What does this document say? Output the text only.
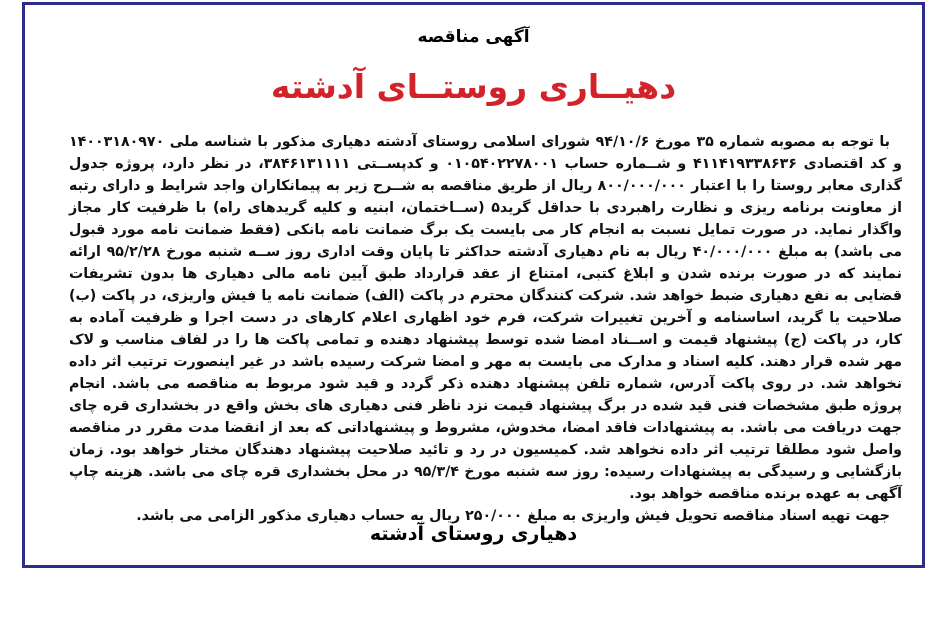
آگهی مناقصه
دهیــاری روستــای آدشته

با توجه به مصوبه شماره ۳۵ مورخ ۹۴/۱۰/۶ شورای اسلامی روستای آدشته دهیاری مذکور با شناسه ملی ۱۴۰۰۳۱۸۰۹۷۰ و کد اقتصادی ۴۱۱۴۱۹۳۳۸۶۳۶ و شــماره حساب ۰۱۰۵۴۰۲۲۷۸۰۰۱ و کدپســتی ۳۸۴۶۱۳۱۱۱۱، در نظر دارد، پروژه جدول گذاری معابر روستا را با اعتبار ۸۰۰/۰۰۰/۰۰۰ ریال از طریق مناقصه به شــرح زیر به پیمانکاران واجد شرایط و دارای رتبه از معاونت برنامه ریزی و نظارت راهبردی با حداقل گرید۵ (ســاختمان، ابنیه و کلیه گریدهای راه) با ظرفیت کار مجاز واگذار نماید. در صورت تمایل نسبت به انجام کار می بایست یک برگ ضمانت نامه بانکی (فقط ضمانت نامه مورد قبول می باشد) به مبلغ ۴۰/۰۰۰/۰۰۰ ریال به نام دهیاری آدشته حداکثر تا پایان وقت اداری روز ســه شنبه مورخ ۹۵/۲/۲۸ ارائه نمایند که در صورت برنده شدن و ابلاغ کتبی، امتناع از عقد قرارداد طبق آیین نامه مالی دهیاری ها بدون تشریفات قضایی به نفع دهیاری ضبط خواهد شد. شرکت کنندگان محترم در پاکت (الف) ضمانت نامه یا فیش واریزی، در پاکت (ب) صلاحیت یا گرید، اساسنامه و آخرین تغییرات شرکت، فرم خود اظهاری اعلام کارهای در دست اجرا و ظرفیت آماده به کار، در پاکت (ج) پیشنهاد قیمت و اســناد امضا شده توسط پیشنهاد دهنده و تمامی پاکت ها را در لفاف مناسب و لاک مهر شده قرار دهند. کلیه اسناد و مدارک می بایست به مهر و امضا شرکت رسیده باشد در غیر اینصورت ترتیب اثر داده نخواهد شد. در روی پاکت آدرس، شماره تلفن پیشنهاد دهنده ذکر گردد و قید شود مربوط به مناقصه می باشد. انجام پروژه طبق مشخصات فنی قید شده در برگ پیشنهاد قیمت نزد ناظر فنی دهیاری های بخش واقع در بخشداری قره چای جهت دریافت می باشد. به پیشنهادات فاقد امضا، مخدوش، مشروط و پیشنهاداتی که بعد از انقضا مدت مقرر در مناقصه واصل شود مطلقا ترتیب اثر داده نخواهد شد. کمیسیون در رد و تائید صلاحیت پیشنهاد دهندگان مختار خواهد بود. زمان بازگشایی و رسیدگی به پیشنهادات رسیده: روز سه شنبه مورخ ۹۵/۳/۴ در محل بخشداری قره چای می باشد. هزینه چاپ آگهی به عهده برنده مناقصه خواهد بود.

جهت تهیه اسناد مناقصه تحویل فیش واریزی به مبلغ ۲۵۰/۰۰۰ ریال به حساب دهیاری مذکور الزامی می باشد.

دهیاری روستای آدشته
